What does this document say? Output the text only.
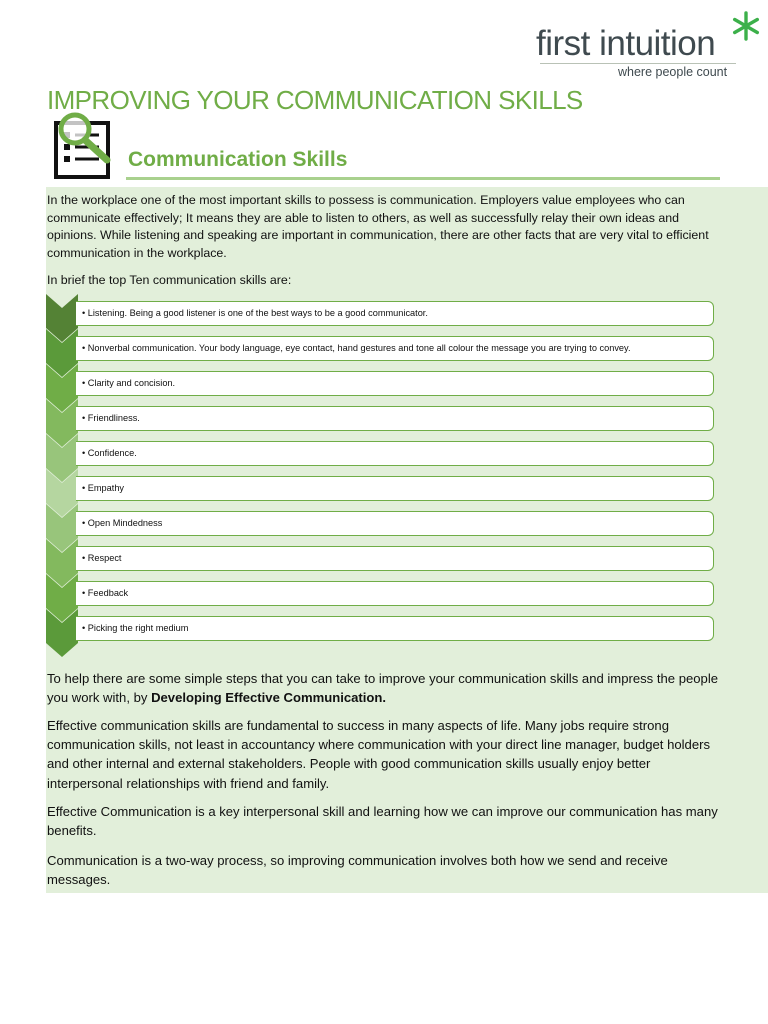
first intuition
where people count
IMPROVING YOUR COMMUNICATION SKILLS
Communication Skills

In the workplace one of the most important skills to possess is communication. Employers value employees who can communicate effectively; It means they are able to listen to others, as well as successfully relay their own ideas and opinions. While listening and speaking are important in communication, there are other facts that are very vital to efficient communication in the workplace.

In brief the top Ten communication skills are:

• Listening. Being a good listener is one of the best ways to be a good communicator.
• Nonverbal communication. Your body language, eye contact, hand gestures and tone all colour the message you are trying to convey.
• Clarity and concision.
• Friendliness.
• Confidence.
• Empathy
• Open Mindedness
• Respect
• Feedback
• Picking the right medium

To help there are some simple steps that you can take to improve your communication skills and impress the people you work with, by Developing Effective Communication.

Effective communication skills are fundamental to success in many aspects of life. Many jobs require strong communication skills, not least in accountancy where communication with your direct line manager, budget holders and other internal and external stakeholders. People with good communication skills usually enjoy better interpersonal relationships with friend and family.

Effective Communication is a key interpersonal skill and learning how we can improve our communication has many benefits.

Communication is a two-way process, so improving communication involves both how we send and receive messages.
